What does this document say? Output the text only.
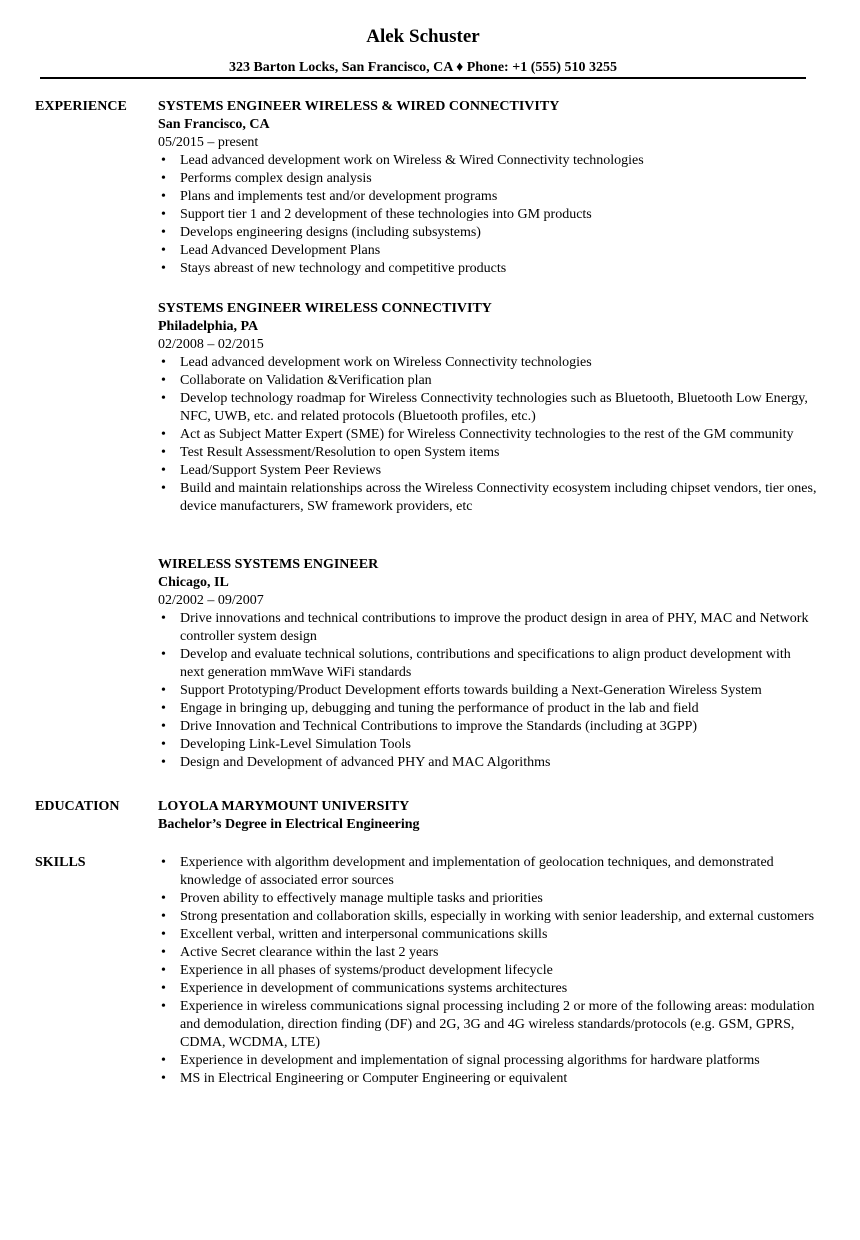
Alek Schuster
323 Barton Locks, San Francisco, CA ♦ Phone: +1 (555) 510 3255
EXPERIENCE SYSTEMS ENGINEER WIRELESS & WIRED CONNECTIVITY
San Francisco, CA
05/2015 – present
• Lead advanced development work on Wireless & Wired Connectivity technologies
• Performs complex design analysis
• Plans and implements test and/or development programs
• Support tier 1 and 2 development of these technologies into GM products
• Develops engineering designs (including subsystems)
• Lead Advanced Development Plans
• Stays abreast of new technology and competitive products
SYSTEMS ENGINEER WIRELESS CONNECTIVITY
Philadelphia, PA
02/2008 – 02/2015
• Lead advanced development work on Wireless Connectivity technologies
• Collaborate on Validation &Verification plan
• Develop technology roadmap for Wireless Connectivity technologies such as Bluetooth, Bluetooth Low Energy, NFC, UWB, etc. and related protocols (Bluetooth profiles, etc.)
• Act as Subject Matter Expert (SME) for Wireless Connectivity technologies to the rest of the GM community
• Test Result Assessment/Resolution to open System items
• Lead/Support System Peer Reviews
• Build and maintain relationships across the Wireless Connectivity ecosystem including chipset vendors, tier ones, device manufacturers, SW framework providers, etc
WIRELESS SYSTEMS ENGINEER
Chicago, IL
02/2002 – 09/2007
• Drive innovations and technical contributions to improve the product design in area of PHY, MAC and Network controller system design
• Develop and evaluate technical solutions, contributions and specifications to align product development with next generation mmWave WiFi standards
• Support Prototyping/Product Development efforts towards building a Next-Generation Wireless System
• Engage in bringing up, debugging and tuning the performance of product in the lab and field
• Drive Innovation and Technical Contributions to improve the Standards (including at 3GPP)
• Developing Link-Level Simulation Tools
• Design and Development of advanced PHY and MAC Algorithms
EDUCATION	LOYOLA MARYMOUNT UNIVERSITY
Bachelor’s Degree in Electrical Engineering
SKILLS	• Experience with algorithm development and implementation of geolocation techniques, and demonstrated knowledge of associated error sources
• Proven ability to effectively manage multiple tasks and priorities
• Strong presentation and collaboration skills, especially in working with senior leadership, and external customers
• Excellent verbal, written and interpersonal communications skills
• Active Secret clearance within the last 2 years
• Experience in all phases of systems/product development lifecycle
• Experience in development of communications systems architectures
• Experience in wireless communications signal processing including 2 or more of the following areas: modulation and demodulation, direction finding (DF) and 2G, 3G and 4G wireless standards/protocols (e.g. GSM, GPRS, CDMA, WCDMA, LTE)
• Experience in development and implementation of signal processing algorithms for hardware platforms
• MS in Electrical Engineering or Computer Engineering or equivalent
